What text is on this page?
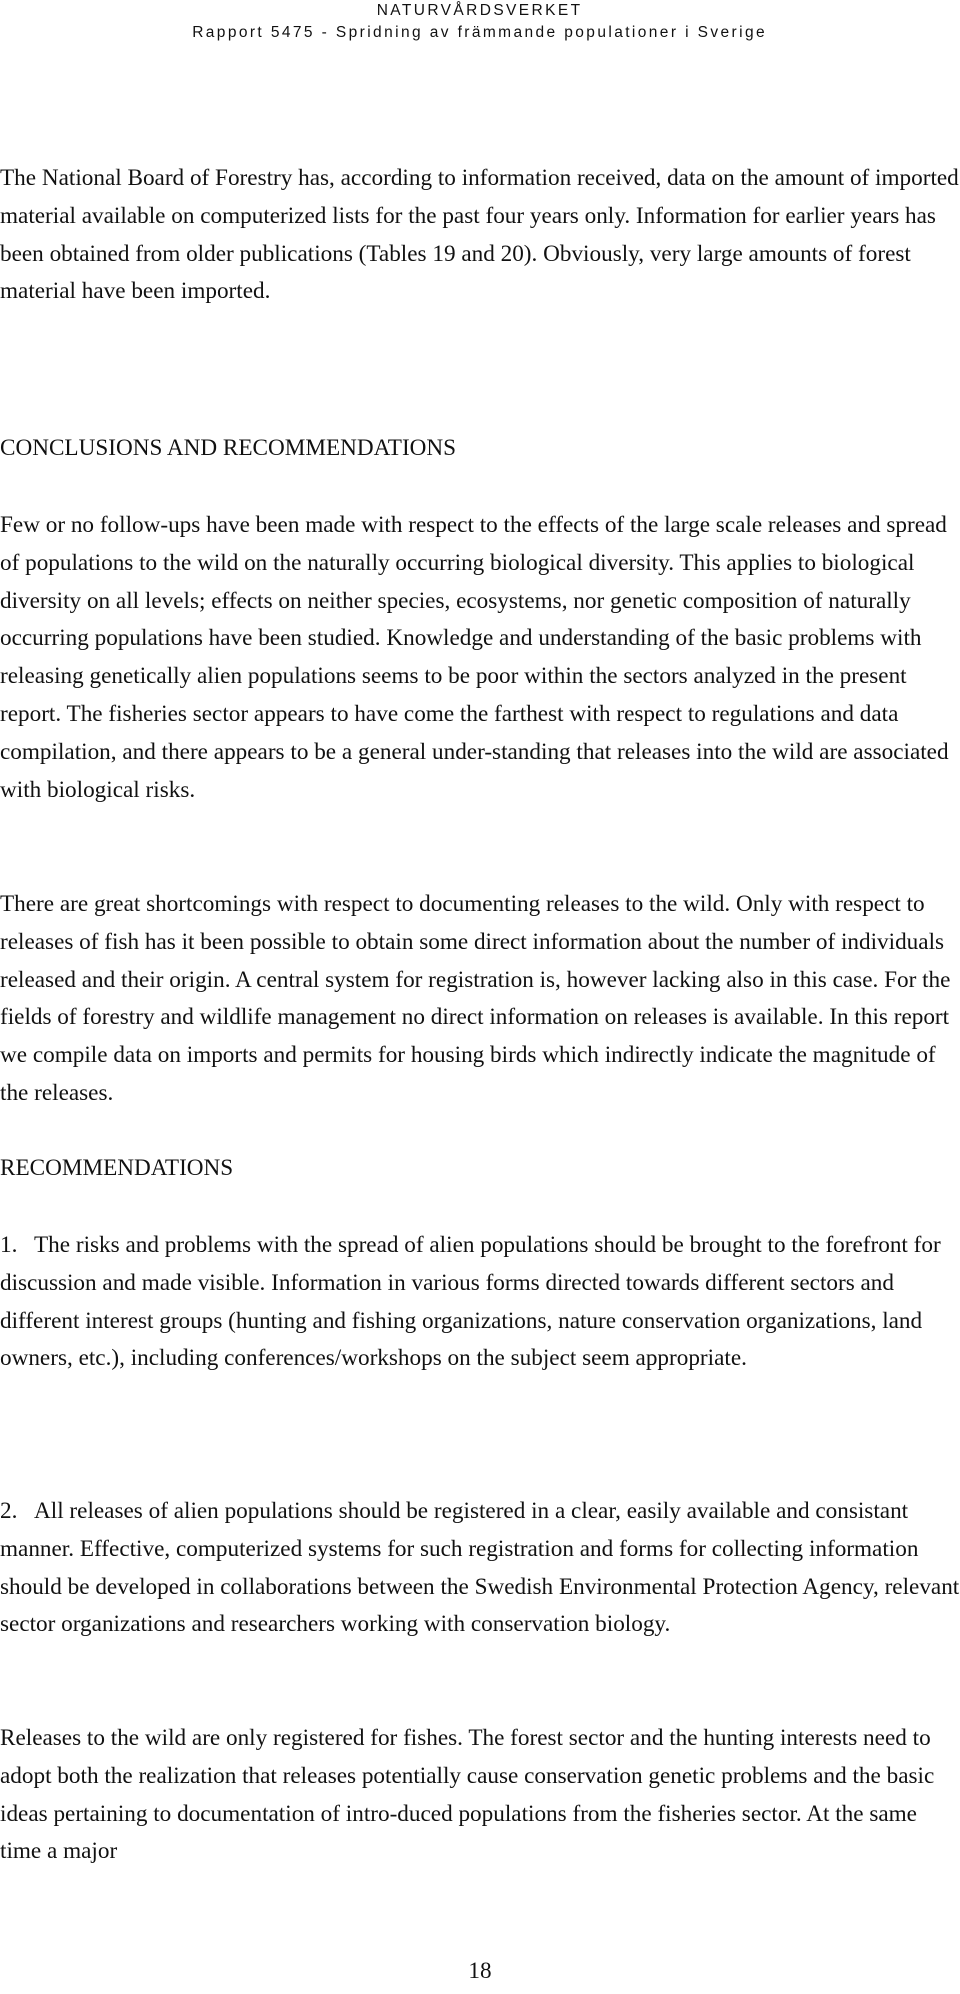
NATURVÅRDSVERKET
Rapport 5475 - Spridning av främmande populationer i Sverige

The National Board of Forestry has, according to information received, data on the amount of imported material available on computerized lists for the past four years only. Information for earlier years has been obtained from older publications (Tables 19 and 20). Obviously, very large amounts of forest material have been imported.

CONCLUSIONS AND RECOMMENDATIONS

Few or no follow-ups have been made with respect to the effects of the large scale releases and spread of populations to the wild on the naturally occurring biological diversity. This applies to biological diversity on all levels; effects on neither species, ecosystems, nor genetic composition of naturally occurring populations have been studied. Knowledge and understanding of the basic problems with releasing genetically alien populations seems to be poor within the sectors analyzed in the present report. The fisheries sector appears to have come the farthest with respect to regulations and data compilation, and there appears to be a general under-standing that releases into the wild are associated with biological risks.

There are great shortcomings with respect to documenting releases to the wild. Only with respect to releases of fish has it been possible to obtain some direct information about the number of individuals released and their origin. A central system for registration is, however lacking also in this case. For the fields of forestry and wildlife management no direct information on releases is available. In this report we compile data on imports and permits for housing birds which indirectly indicate the magnitude of the releases.

RECOMMENDATIONS

1. The risks and problems with the spread of alien populations should be brought to the forefront for discussion and made visible. Information in various forms directed towards different sectors and different interest groups (hunting and fishing organizations, nature conservation organizations, land owners, etc.), including conferences/workshops on the subject seem appropriate.

2. All releases of alien populations should be registered in a clear, easily available and consistant manner. Effective, computerized systems for such registration and forms for collecting information should be developed in collaborations between the Swedish Environmental Protection Agency, relevant sector organizations and researchers working with conservation biology.

Releases to the wild are only registered for fishes. The forest sector and the hunting interests need to adopt both the realization that releases potentially cause conservation genetic problems and the basic ideas pertaining to documentation of intro-duced populations from the fisheries sector. At the same time a major

18
